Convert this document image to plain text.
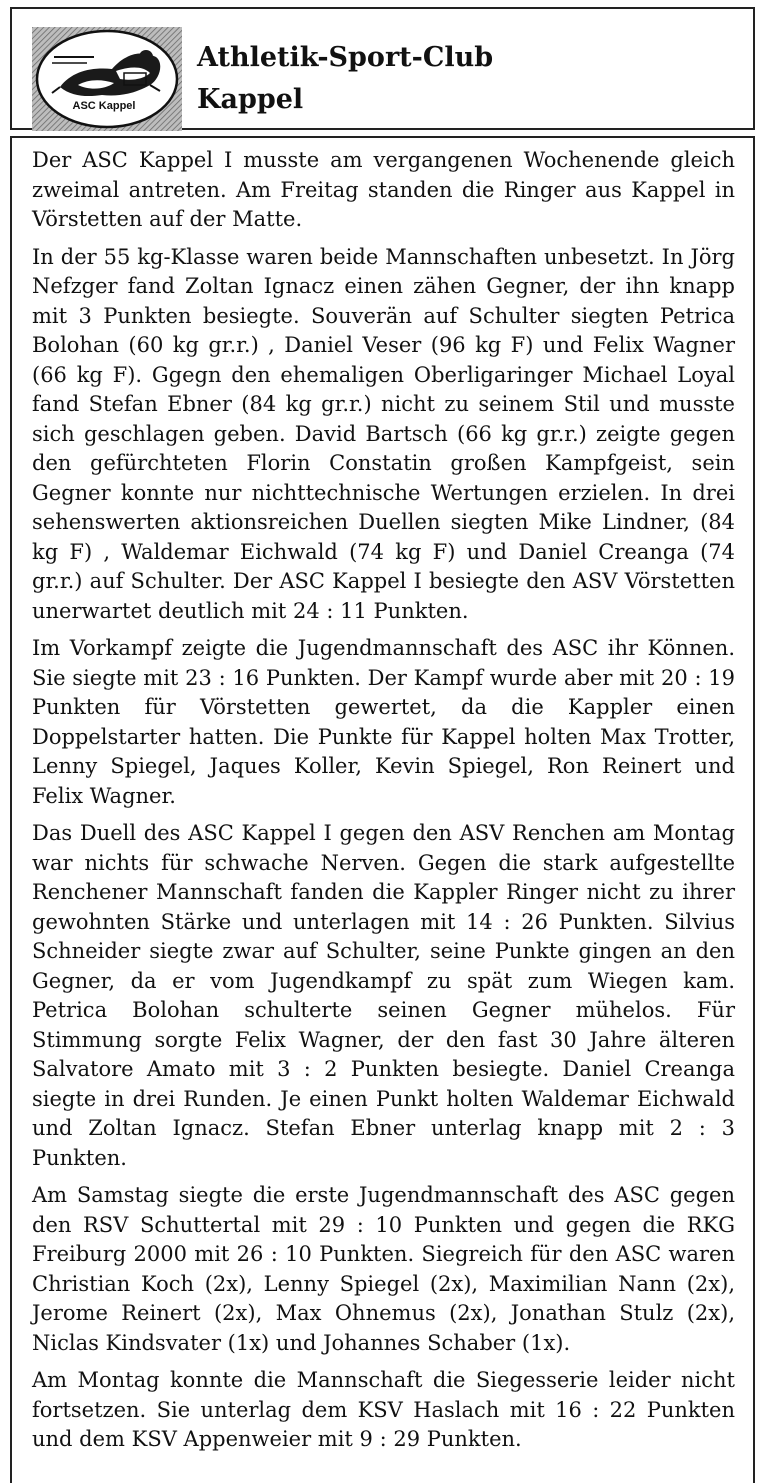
ASC Kappel
Athletik-Sport-Club
Kappel

Der ASC Kappel I musste am vergangenen Wochenende gleich zweimal antreten. Am Freitag standen die Ringer aus Kappel in Vörstetten auf der Matte.

In der 55 kg-Klasse waren beide Mannschaften unbesetzt. In Jörg Nefzger fand Zoltan Ignacz einen zähen Gegner, der ihn knapp mit 3 Punkten besiegte. Souverän auf Schulter siegten Petrica Bolohan (60 kg gr.r.) , Daniel Veser (96 kg F) und Felix Wagner (66 kg F). Ggegn den ehemaligen Oberligaringer Michael Loyal fand Stefan Ebner (84 kg gr.r.) nicht zu seinem Stil und musste sich geschlagen geben. David Bartsch (66 kg gr.r.) zeigte gegen den gefürchteten Florin Constatin großen Kampfgeist, sein Gegner konnte nur nichttechnische Wertungen erzielen. In drei sehenswerten aktionsreichen Duellen siegten Mike Lindner, (84 kg F) , Waldemar Eichwald (74 kg F) und Daniel Creanga (74 gr.r.) auf Schulter. Der ASC Kappel I besiegte den ASV Vörstetten unerwartet deutlich mit 24 : 11 Punkten.

Im Vorkampf zeigte die Jugendmannschaft des ASC ihr Können. Sie siegte mit 23 : 16 Punkten. Der Kampf wurde aber mit 20 : 19 Punkten für Vörstetten gewertet, da die Kappler einen Doppelstarter hatten. Die Punkte für Kappel holten Max Trotter, Lenny Spiegel, Jaques Koller, Kevin Spiegel, Ron Reinert und Felix Wagner.

Das Duell des ASC Kappel I gegen den ASV Renchen am Montag war nichts für schwache Nerven. Gegen die stark aufgestellte Renchener Mannschaft fanden die Kappler Ringer nicht zu ihrer gewohnten Stärke und unterlagen mit 14 : 26 Punkten. Silvius Schneider siegte zwar auf Schulter, seine Punkte gingen an den Gegner, da er vom Jugendkampf zu spät zum Wiegen kam. Petrica Bolohan schulterte seinen Gegner mühelos. Für Stimmung sorgte Felix Wagner, der den fast 30 Jahre älteren Salvatore Amato mit 3 : 2 Punkten besiegte. Daniel Creanga siegte in drei Runden. Je einen Punkt holten Waldemar Eichwald und Zoltan Ignacz. Stefan Ebner unterlag knapp mit 2 : 3 Punkten.

Am Samstag siegte die erste Jugendmannschaft des ASC gegen den RSV Schuttertal mit 29 : 10 Punkten und gegen die RKG Freiburg 2000 mit 26 : 10 Punkten. Siegreich für den ASC waren Christian Koch (2x), Lenny Spiegel (2x), Maximilian Nann (2x), Jerome Reinert (2x), Max Ohnemus (2x), Jonathan Stulz (2x), Niclas Kindsvater (1x) und Johannes Schaber (1x).

Am Montag konnte die Mannschaft die Siegesserie leider nicht fortsetzen. Sie unterlag dem KSV Haslach mit 16 : 22 Punkten und dem KSV Appenweier mit 9 : 29 Punkten.
